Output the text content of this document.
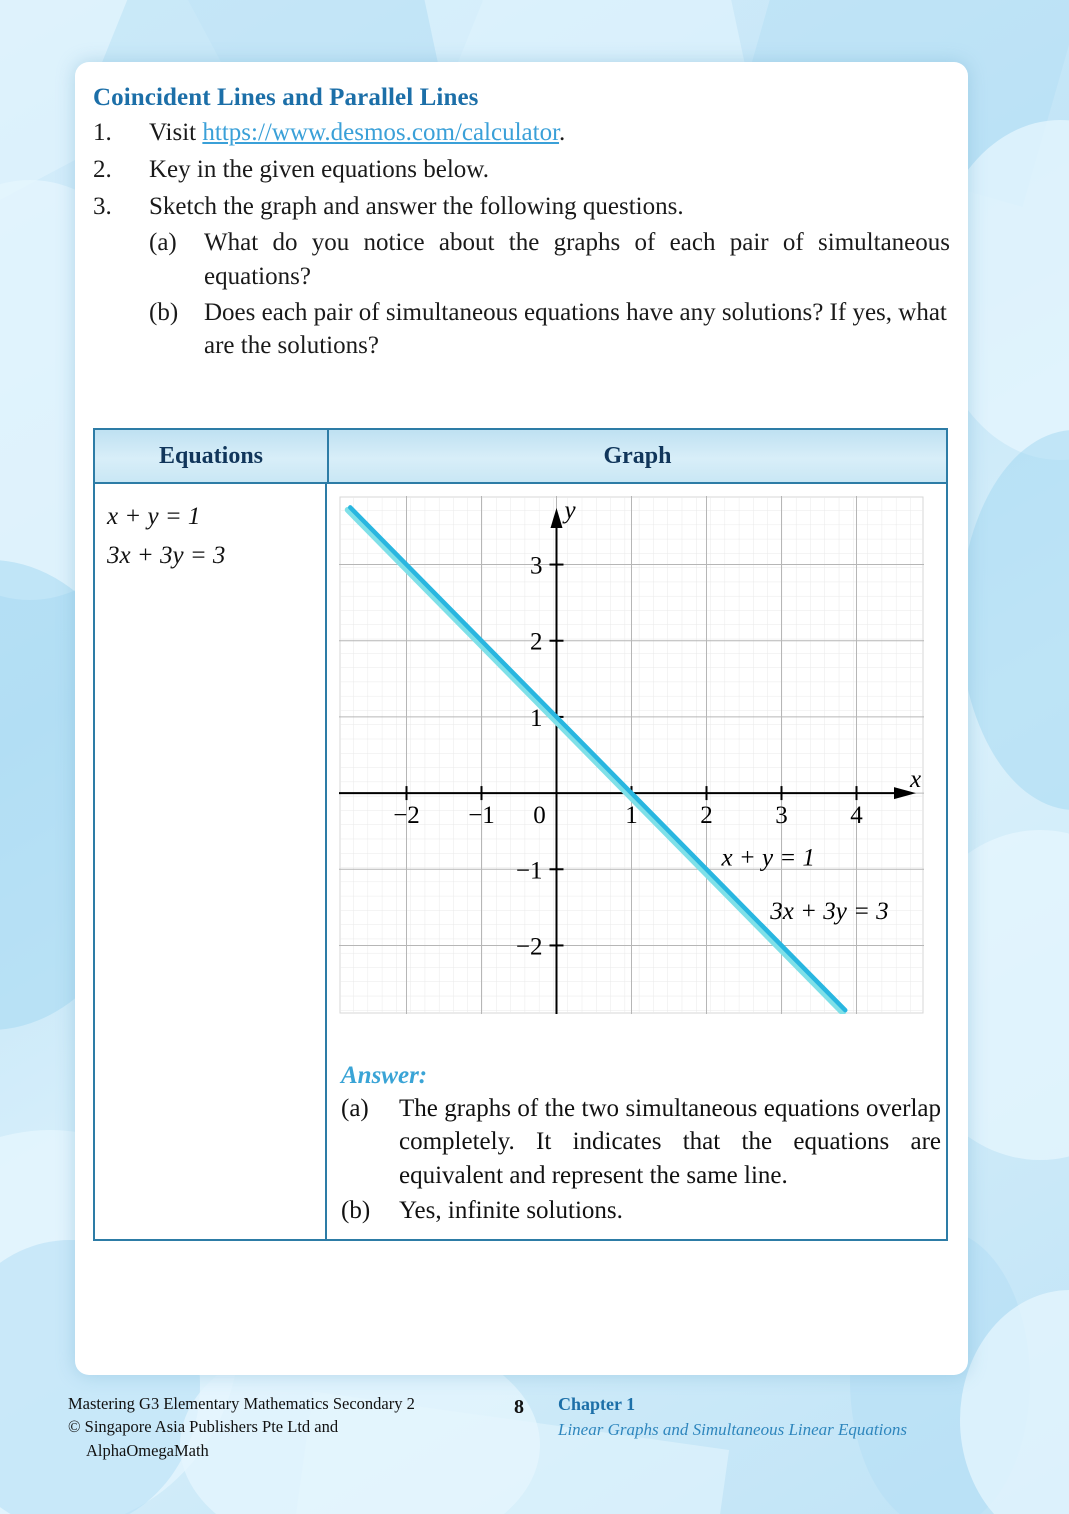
Coincident Lines and Parallel Lines
1.	Visit https://www.desmos.com/calculator.
2.	Key in the given equations below.
3.	Sketch the graph and answer the following questions.
(a)	What do you notice about the graphs of each pair of simultaneous equations?
(b)	Does each pair of simultaneous equations have any solutions? If yes, what are the solutions?
Equations	Graph
x + y = 1
3x + 3y = 3
−2 −1 0	1	2	3	4
−2
−1
1
2
3
x
y
x + y = 1
3x + 3y = 3
Answer:
(a)	The graphs of the two simultaneous equations overlap completely. It indicates that the equations are equivalent and represent the same line.
(b)	Yes, infinite solutions.
Mastering G3 Elementary Mathematics Secondary 2
© Singapore Asia Publishers Pte Ltd and
AlphaOmegaMath
8	Chapter 1
Linear Graphs and Simultaneous Linear Equations
